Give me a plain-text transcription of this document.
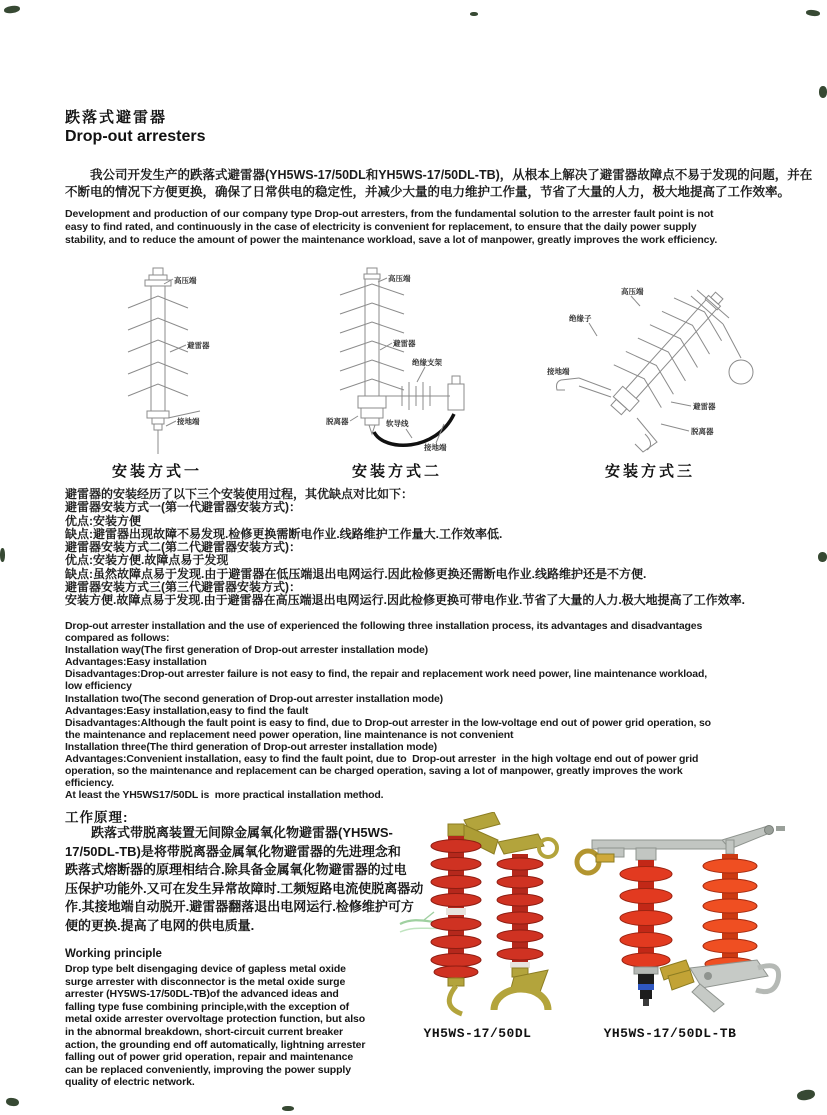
跌落式避雷器
Drop-out arresters
　　我公司开发生产的跌落式避雷器(YH5WS-17/50DL和YH5WS-17/50DL-TB)，从根本上解决了避雷器故障点不易于发现的问题，并在
不断电的情况下方便更换，确保了日常供电的稳定性，并减少大量的电力维护工作量，节省了大量的人力，极大地提高了工作效率。
Development and production of our company type Drop-out arresters, from the fundamental solution to the arrester fault point is not
easy to find rated, and continuously in the case of electricity is convenient for replacement, to ensure that the daily power supply
stability, and to reduce the amount of power the maintenance workload, save a lot of manpower, greatly improves the work efficiency.
高压端
避雷器
接地端
安装方式一
高压端
避雷器
绝缘支架
脱离器	软导线
接地端
安装方式二
高压端
绝缘子
接地端
避雷器
脱离器
安装方式三
避雷器的安装经历了以下三个安装使用过程，其优缺点对比如下：
避雷器安装方式一(第一代避雷器安装方式)：
优点:安装方便
缺点:避雷器出现故障不易发现.检修更换需断电作业.线路维护工作量大.工作效率低.
避雷器安装方式二(第二代避雷器安装方式)：
优点:安装方便.故障点易于发现
缺点:虽然故障点易于发现.由于避雷器在低压端退出电网运行.因此检修更换还需断电作业.线路维护还是不方便.
避雷器安装方式三(第三代避雷器安装方式)：
安装方便.故障点易于发现.由于避雷器在高压端退出电网运行.因此检修更换可带电作业.节省了大量的人力.极大地提高了工作效率.
Drop-out arrester installation and the use of experienced the following three installation process, its advantages and disadvantages
compared as follows:
Installation way(The first generation of Drop-out arrester installation mode)
Advantages:Easy installation
Disadvantages:Drop-out arrester failure is not easy to find, the repair and replacement work need power, line maintenance workload,
low efficiency
Installation two(The second generation of Drop-out arrester installation mode)
Advantages:Easy installation,easy to find the fault
Disadvantages:Although the fault point is easy to find, due to Drop-out arrester in the low-voltage end out of power grid operation, so
the maintenance and replacement need power operation, line maintenance is not convenient
Installation three(The third generation of Drop-out arrester installation mode)
Advantages:Convenient installation, easy to find the fault point, due to  Drop-out arrester  in the high voltage end out of power grid
operation, so the maintenance and replacement can be charged operation, saving a lot of manpower, greatly improves the work
efficiency.
At least the YH5WS17/50DL is  more practical installation method.
工作原理:
　　跌落式带脱离装置无间隙金属氧化物避雷器(YH5WS-
17/50DL-TB)是将带脱离器金属氧化物避雷器的先进理念和
跌落式熔断器的原理相结合.除具备金属氧化物避雷器的过电
压保护功能外.又可在发生异常故障时.工频短路电流使脱离器动
作.其接地端自动脱开.避雷器翻落退出电网运行.检修维护可方
便的更换.提高了电网的供电质量.
Working principle
Drop type belt disengaging device of gapless metal oxide
surge arrester with disconnector is the metal oxide surge
arrester (HY5WS-17/50DL-TB)of the advanced ideas and
falling type fuse combining principle,with the exception of
metal oxide arrester overvoltage protection function, but also
in the abnormal breakdown, short-circuit current breaker
action, the grounding end off automatically, lightning arrester
falling out of power grid operation, repair and maintenance
can be replaced conveniently, improving the power supply
quality of electric network.
YH5WS-17/50DL	YH5WS-17/50DL-TB
